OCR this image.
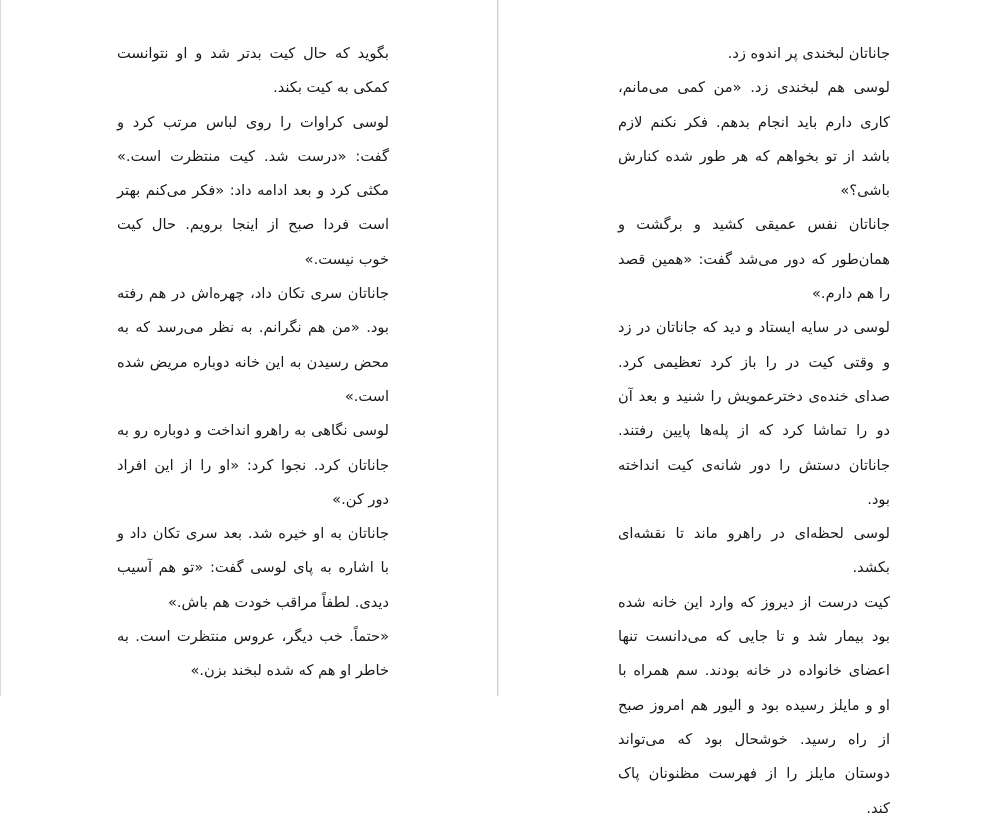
بگوید که حال کیت بدتر شد و او نتوانست کمکی به کیت بکند.

لوسی کراوات را روی لباس مرتب کرد و گفت: «درست شد. کیت منتظرت است.» مکثی کرد و بعد ادامه داد: «فکر می‌کنم بهتر است فردا صبح از اینجا برویم. حال کیت خوب نیست.»

جاناتان سری تکان داد، چهره‌اش در هم رفته بود. «من هم نگرانم. به نظر می‌رسد که به محض رسیدن به این خانه دوباره مریض شده است.»

لوسی نگاهی به راهرو انداخت و دوباره رو به جاناتان کرد. نجوا کرد: «او را از این افراد دور کن.»

جاناتان به او خیره شد. بعد سری تکان داد و با اشاره به پای لوسی گفت: «تو هم آسیب دیدی. لطفاً مراقب خودت هم باش.»

«حتماً. خب دیگر، عروس منتظرت است. به خاطر او هم که شده لبخند بزن.»

جاناتان لبخندی پر اندوه زد.

لوسی هم لبخندی زد. «من کمی می‌مانم، کاری دارم باید انجام بدهم. فکر نکنم لازم باشد از تو بخواهم که هر طور شده کنارش باشی؟»

جاناتان نفس عمیقی کشید و برگشت و همان‌طور که دور می‌شد گفت: «همین قصد را هم دارم.»

لوسی در سایه ایستاد و دید که جاناتان در زد و وقتی کیت در را باز کرد تعظیمی کرد. صدای خنده‌ی دخترعمویش را شنید و بعد آن دو را تماشا کرد که از پله‌ها پایین رفتند. جاناتان دستش را دور شانه‌ی کیت انداخته بود.

لوسی لحظه‌ای در راهرو ماند تا نقشه‌ای بکشد.

کیت درست از دیروز که وارد این خانه شده بود بیمار شد و تا جایی که می‌دانست تنها اعضای خانواده در خانه بودند. سم همراه با او و مایلز رسیده بود و الیور هم امروز صبح از راه رسید. خوشحال بود که می‌تواند دوستان مایلز را از فهرست مظنونان پاک کند.
